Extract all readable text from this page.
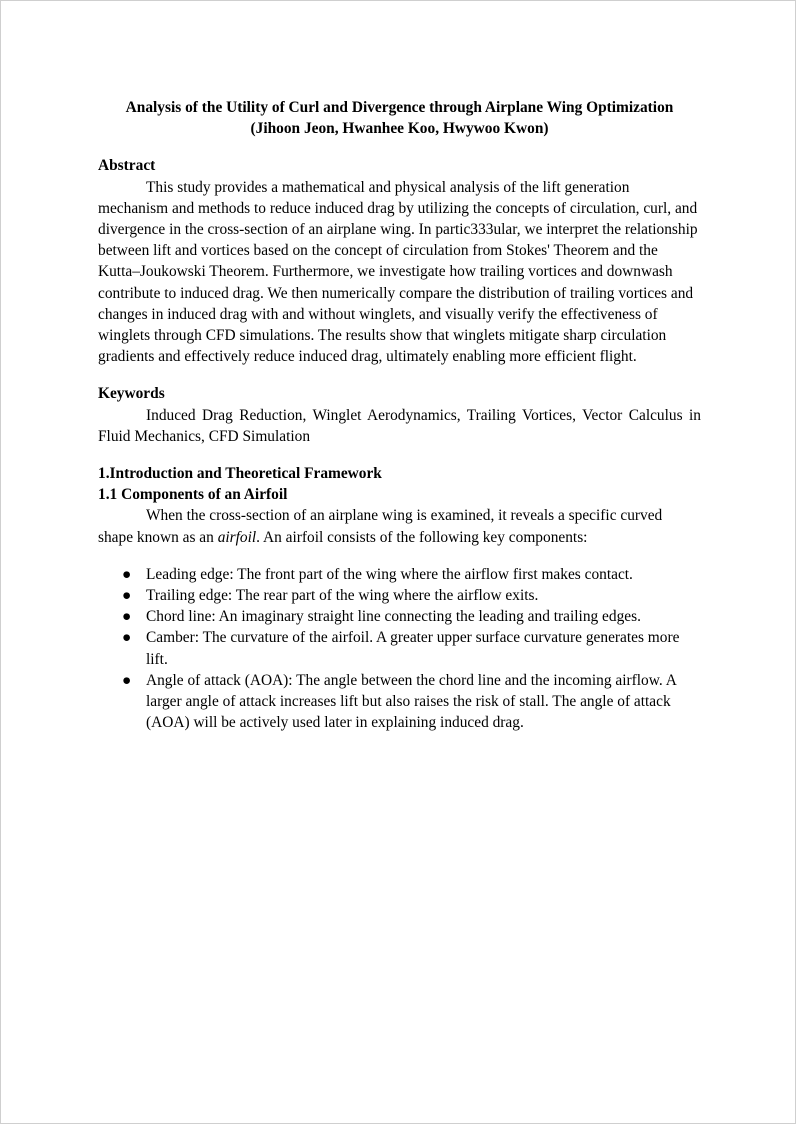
Analysis of the Utility of Curl and Divergence through Airplane Wing Optimization

(Jihoon Jeon, Hwanhee Koo, Hwywoo Kwon)

Abstract

This study provides a mathematical and physical analysis of the lift generation mechanism and methods to reduce induced drag by utilizing the concepts of circulation, curl, and divergence in the cross-section of an airplane wing. In partic333ular, we interpret the relationship between lift and vortices based on the concept of circulation from Stokes' Theorem and the Kutta–Joukowski Theorem. Furthermore, we investigate how trailing vortices and downwash contribute to induced drag. We then numerically compare the distribution of trailing vortices and changes in induced drag with and without winglets, and visually verify the effectiveness of winglets through CFD simulations. The results show that winglets mitigate sharp circulation gradients and effectively reduce induced drag, ultimately enabling more efficient flight.

Keywords

Induced Drag Reduction, Winglet Aerodynamics, Trailing Vortices, Vector Calculus in Fluid Mechanics, CFD Simulation

1.Introduction and Theoretical Framework

1.1 Components of an Airfoil

When the cross-section of an airplane wing is examined, it reveals a specific curved shape known as an airfoil. An airfoil consists of the following key components:

● Leading edge: The front part of the wing where the airflow first makes contact.
● Trailing edge: The rear part of the wing where the airflow exits.
● Chord line: An imaginary straight line connecting the leading and trailing edges.
● Camber: The curvature of the airfoil. A greater upper surface curvature generates more lift.
● Angle of attack (AOA): The angle between the chord line and the incoming airflow. A larger angle of attack increases lift but also raises the risk of stall. The angle of attack (AOA) will be actively used later in explaining induced drag.
